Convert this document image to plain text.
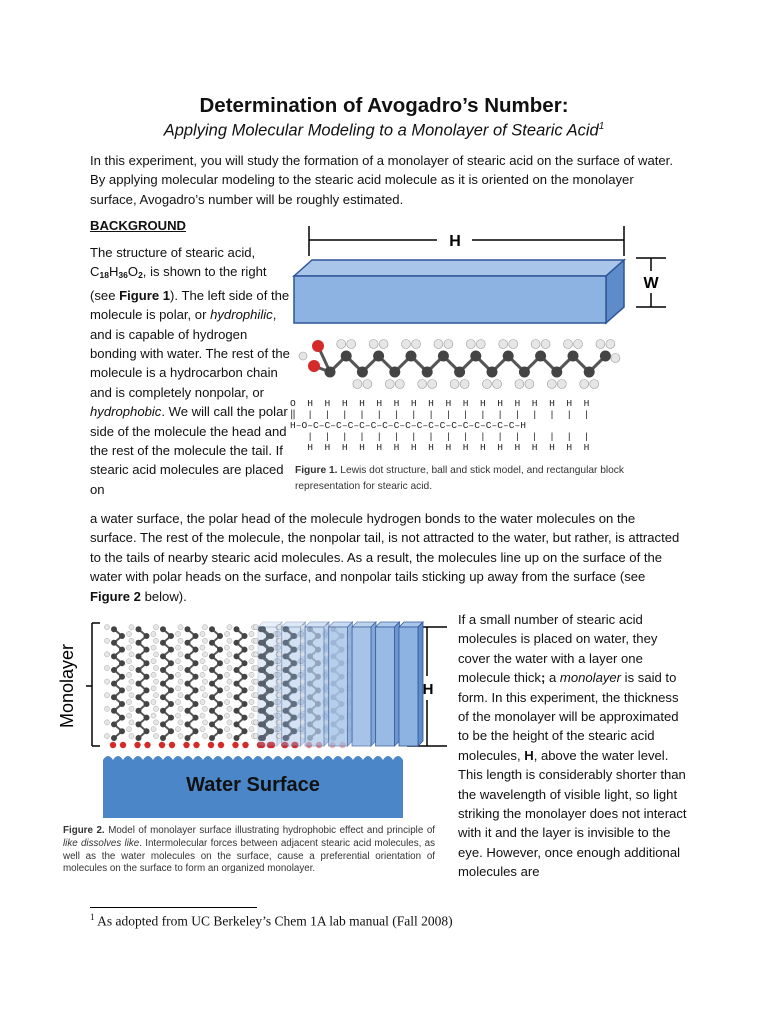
Determination of Avogadro’s Number:
Applying Molecular Modeling to a Monolayer of Stearic Acid$^1$
In this experiment, you will study the formation of a monolayer of stearic acid on the surface of water. By applying molecular modeling to the stearic acid molecule as it is oriented on the monolayer surface, Avogadro’s number will be roughly estimated.
BACKGROUND
The structure of stearic acid, $C_{18}H_{36}O_2$, is shown to the right (see Figure 1). The left side of the molecule is polar, or hydrophilic, and is capable of hydrogen bonding with water. The rest of the molecule is a hydrocarbon chain and is completely nonpolar, or hydrophobic. We will call the polar side of the molecule the head and the rest of the molecule the tail. If stearic acid molecules are placed on
a water surface, the polar head of the molecule hydrogen bonds to the water molecules on the surface. The rest of the molecule, the nonpolar tail, is not attracted to the water, but rather, is attracted to the tails of nearby stearic acid molecules. As a result, the molecules line up on the surface of the water with polar heads on the surface, and nonpolar tails sticking up away from the surface (see Figure 2 below).
If a small number of stearic acid molecules is placed on water, they cover the water with a layer one molecule thick; a monolayer is said to form. In this experiment, the thickness of the monolayer will be approximated to be the height of the stearic acid molecules, H, above the water level. This length is considerably shorter than the wavelength of visible light, so light striking the monolayer does not interact with it and the layer is invisible to the eye. However, once enough additional molecules are
H
W
O  H  H  H  H  H  H  H  H  H  H  H  H  H  H  H  H  H
‖  |  |  |  |  |  |  |  |  |  |  |  |  |  |  |  |  |
H–O–C–C–C–C–C–C–C–C–C–C–C–C–C–C–C–C–C–C–H
|  |  |  |  |  |  |  |  |  |  |  |  |  |  |  |  |
H  H  H  H  H  H  H  H  H  H  H  H  H  H  H  H  H
Figure 1. Lewis dot structure, ball and stick model, and rectangular block representation for stearic acid.
Monolayer	H
Water Surface
Figure 2. Model of monolayer surface illustrating hydrophobic effect and principle of like dissolves like. Intermolecular forces between adjacent stearic acid molecules, as well as the water molecules on the surface, cause a preferential orientation of molecules on the surface to form an organized monolayer.
$^1$ As adopted from UC Berkeley’s Chem 1A lab manual (Fall 2008)
